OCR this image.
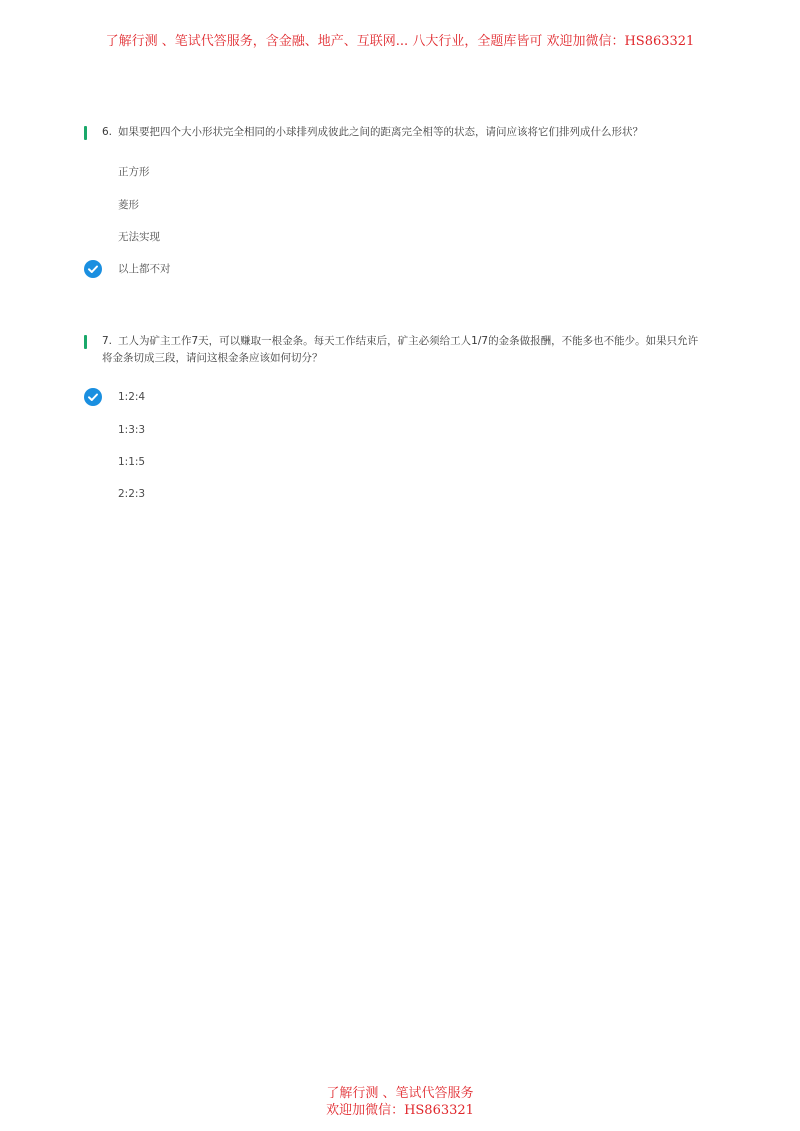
了解行测 、笔试代答服务，含金融、地产、互联网... 八大行业，全题库皆可 欢迎加微信：HS863321
6. 如果要把四个大小形状完全相同的小球排列成彼此之间的距离完全相等的状态，请问应该将它们排列成什么形状？
正方形
菱形
无法实现
以上都不对
7. 工人为矿主工作7天，可以赚取一根金条。每天工作结束后，矿主必须给工人1/7的金条做报酬，不能多也不能少。如果只允许将金条切成三段，请问这根金条应该如何切分？
1:2:4
1:3:3
1:1:5
2:2:3
了解行测 、笔试代答服务
欢迎加微信：HS863321
